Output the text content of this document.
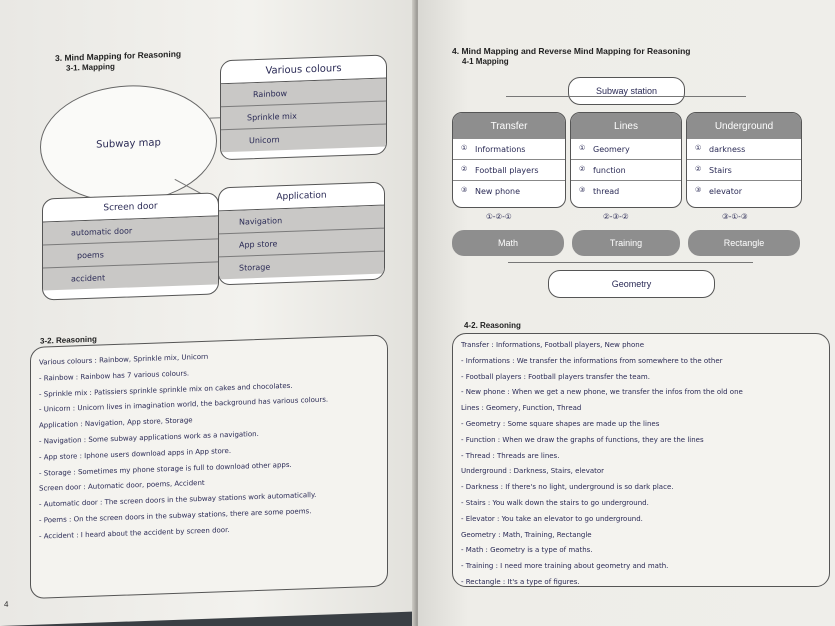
3. Mind Mapping for Reasoning
3-1. Mapping
Subway map
Various colours
Rainbow
Sprinkle mix
Unicorn
Screen door
automatic door
poems
accident
Application
Navigation
App store
Storage
3-2. Reasoning
Various colours : Rainbow, Sprinkle mix, Unicorn
- Rainbow : Rainbow has 7 various colours.
- Sprinkle mix : Patissiers sprinkle sprinkle mix on cakes and chocolates.
- Unicorn : Unicorn lives in imagination world, the background has various colours.
Application : Navigation, App store, Storage
- Navigation : Some subway applications work as a navigation.
- App store : Iphone users download apps in App store.
- Storage : Sometimes my phone storage is full to download other apps.
Screen door : Automatic door, poems, Accident
- Automatic door : The screen doors in the subway stations work automatically.
- Poems : On the screen doors in the subway stations, there are some poems.
- Accident : I heard about the accident by screen door.
4
4. Mind Mapping and Reverse Mind Mapping for Reasoning
4-1 Mapping
Subway station
Transfer
① Informations
② Football players
③ New phone
Lines
① Geomery
② function
③ thread
Underground
① darkness
② Stairs
③ elevator
①-②-①	②-③-②	③-①-③
Math	Training	Rectangle
Geometry
4-2. Reasoning
Transfer : Informations, Football players, New phone
- Informations : We transfer the informations from somewhere to the other
- Football players : Football players transfer the team.
- New phone : When we get a new phone, we transfer the infos from the old one
Lines : Geomery, Function, Thread
- Geometry : Some square shapes are made up the lines
- Function : When we draw the graphs of functions, they are the lines
- Thread : Threads are lines.
Underground : Darkness, Stairs, elevator
- Darkness : If there's no light, underground is so dark place.
- Stairs : You walk down the stairs to go underground.
- Elevator : You take an elevator to go underground.
Geometry : Math, Training, Rectangle
- Math : Geometry is a type of maths.
- Training : I need more training about geometry and math.
- Rectangle : It's a type of figures.
